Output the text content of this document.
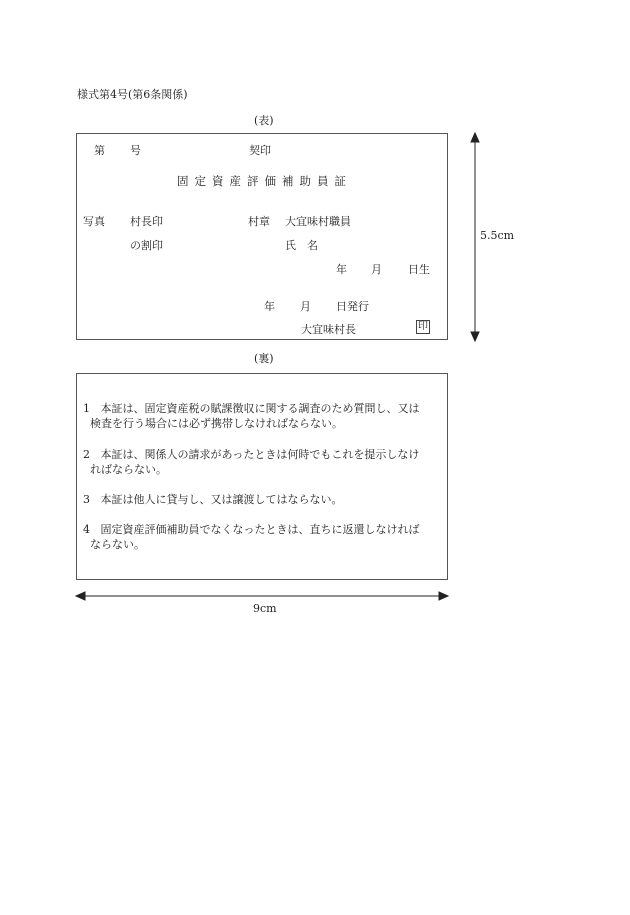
様式第4号(第6条関係)
(表)
第 号	契印
固定資産評価補助員証
写真 村長印
の割印
村章 大宜味村職員
氏　名
年 月 日生
年 月 日発行
大宜味村長	印
(裏)
1 本証は、固定資産税の賦課徴収に関する調査のため質問し、又は
検査を行う場合には必ず携帯しなければならない。
2 本証は、関係人の請求があったときは何時でもこれを提示しなけ
ればならない。
3 本証は他人に貸与し、又は譲渡してはならない。
4 固定資産評価補助員でなくなったときは、直ちに返還しなければ
ならない。
5.5cm
9cm
